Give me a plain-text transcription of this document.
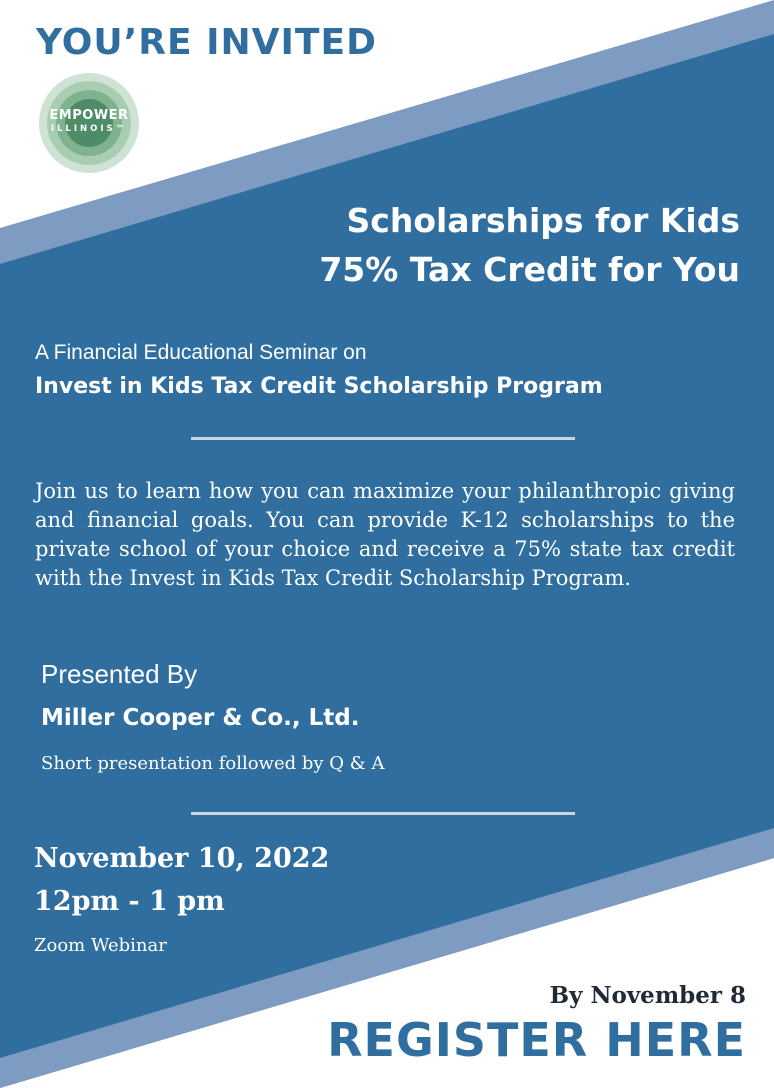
YOU’RE INVITED
EMPOWER
ILLINOIS™
Scholarships for Kids
75% Tax Credit for You
A Financial Educational Seminar on
Invest in Kids Tax Credit Scholarship Program

Join us to learn how you can maximize your philanthropic giving and financial goals. You can provide K-12 scholarships to the private school of your choice and receive a 75% state tax credit with the Invest in Kids Tax Credit Scholarship Program.

Presented By
Miller Cooper & Co., Ltd.
Short presentation followed by Q & A
November 10, 2022
12pm - 1 pm
Zoom Webinar
By November 8
REGISTER HERE
